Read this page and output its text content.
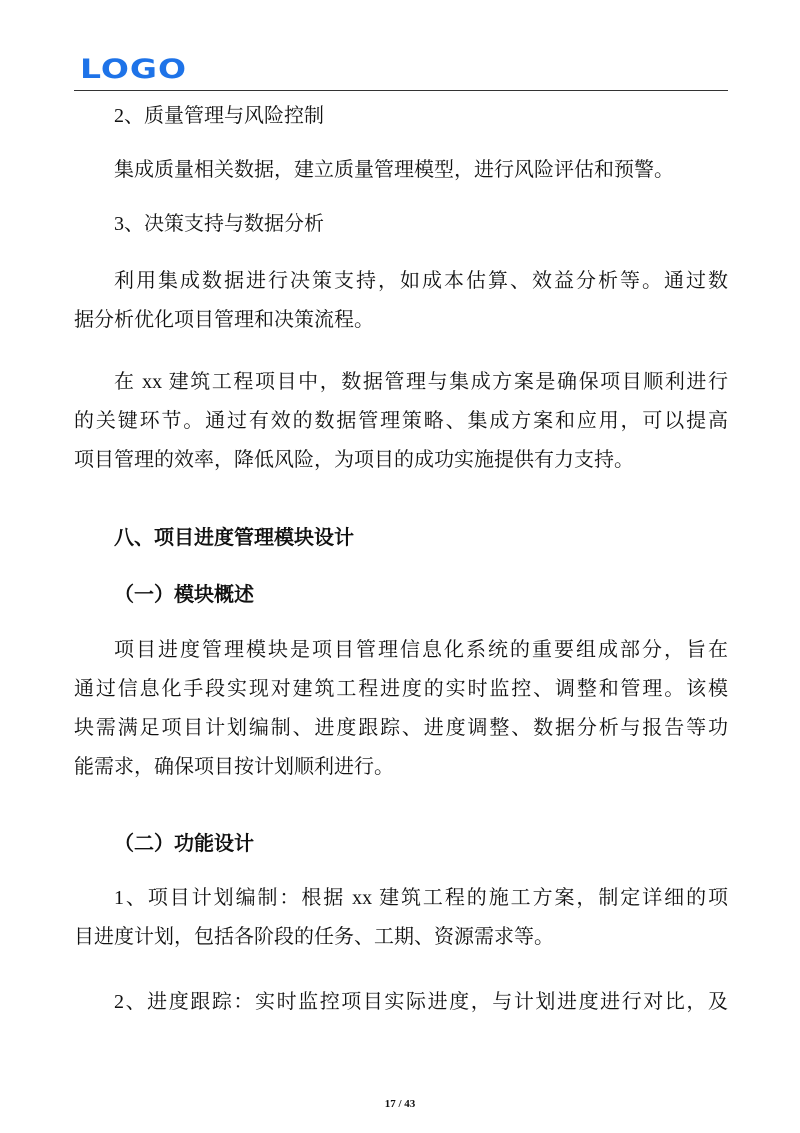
LOGO

2、质量管理与风险控制

集成质量相关数据，建立质量管理模型，进行风险评估和预警。

3、决策支持与数据分析

利用集成数据进行决策支持，如成本估算、效益分析等。通过数
据分析优化项目管理和决策流程。
在 xx 建筑工程项目中，数据管理与集成方案是确保项目顺利进行
的关键环节。通过有效的数据管理策略、集成方案和应用，可以提高
项目管理的效率，降低风险，为项目的成功实施提供有力支持。

八、项目进度管理模块设计

（一）模块概述

项目进度管理模块是项目管理信息化系统的重要组成部分，旨在
通过信息化手段实现对建筑工程进度的实时监控、调整和管理。该模
块需满足项目计划编制、进度跟踪、进度调整、数据分析与报告等功
能需求，确保项目按计划顺利进行。

（二）功能设计

1、项目计划编制：根据 xx 建筑工程的施工方案，制定详细的项
目进度计划，包括各阶段的任务、工期、资源需求等。
2、进度跟踪：实时监控项目实际进度，与计划进度进行对比，及
17 / 43
